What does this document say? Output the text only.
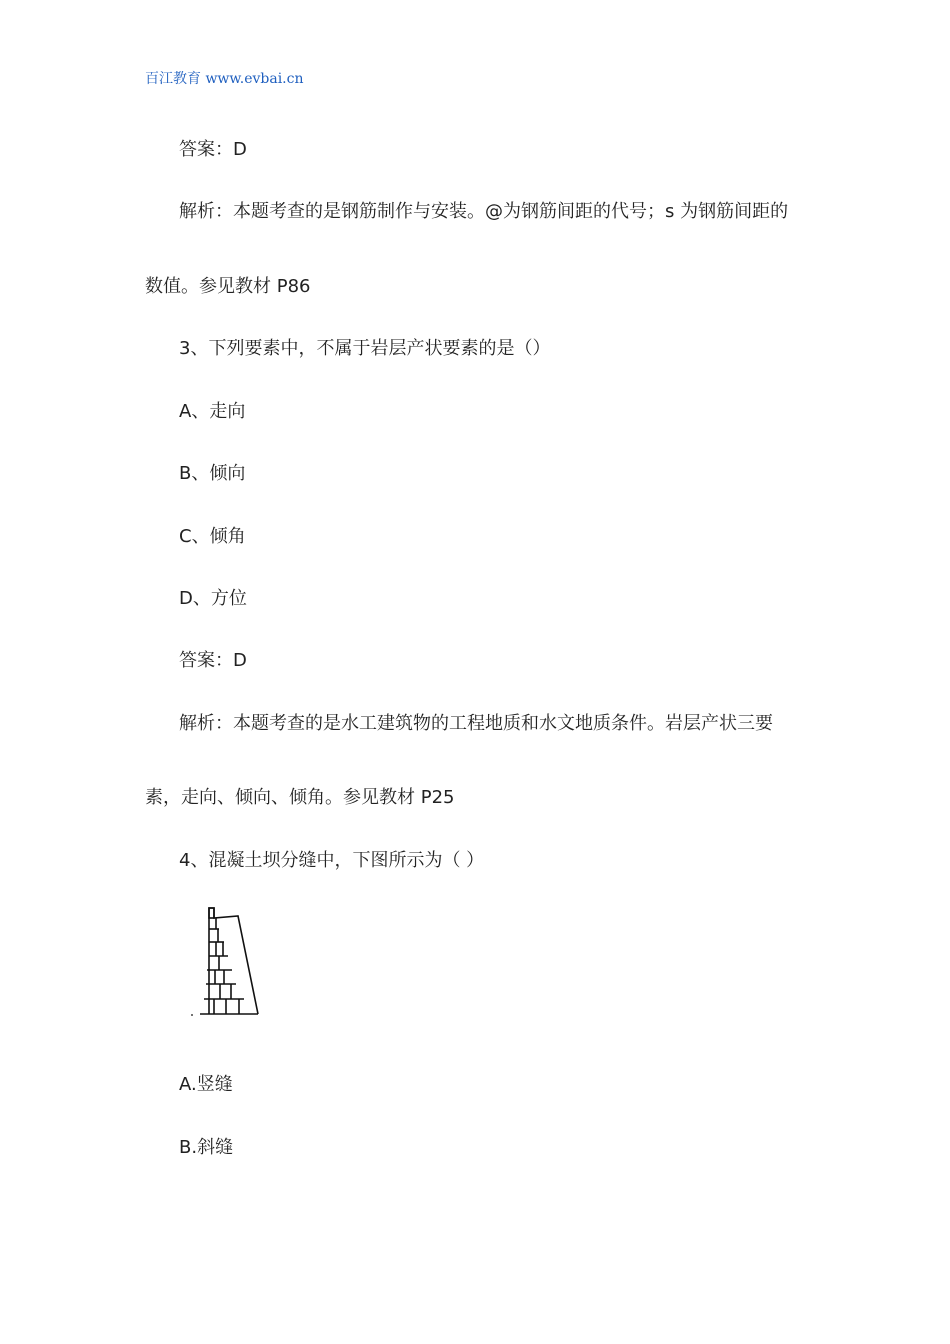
百江教育 www.evbai.cn
答案：D
解析：本题考查的是钢筋制作与安装。@为钢筋间距的代号；s 为钢筋间距的
数值。参见教材 P86
3、下列要素中，不属于岩层产状要素的是（）
A、走向
B、倾向
C、倾角
D、方位
答案：D
解析：本题考查的是水工建筑物的工程地质和水文地质条件。岩层产状三要
素，走向、倾向、倾角。参见教材 P25
4、混凝土坝分缝中，下图所示为（ ）
A.竖缝
B.斜缝
